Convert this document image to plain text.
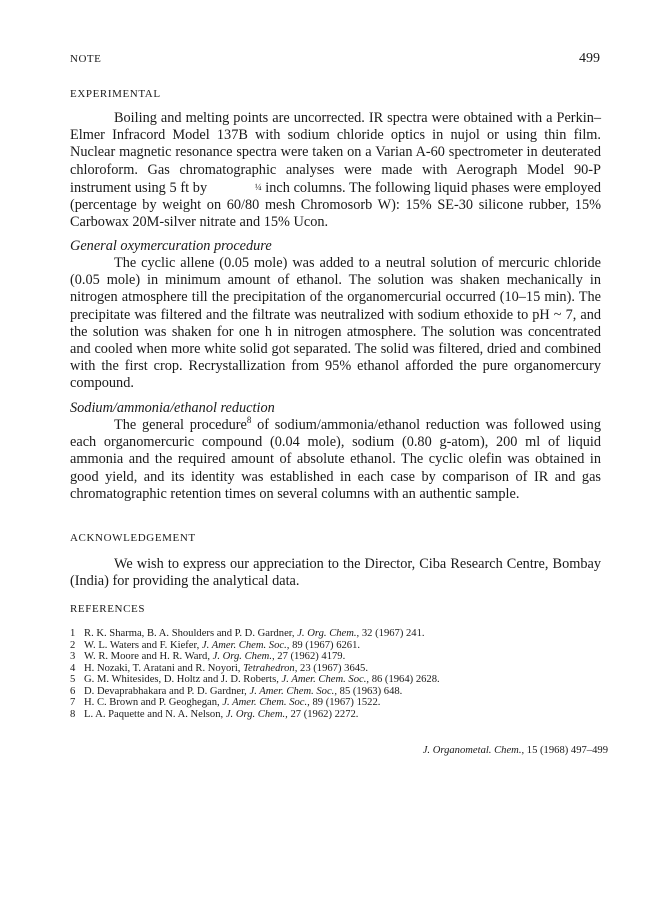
NOTE	499
EXPERIMENTAL

Boiling and melting points are uncorrected. IR spectra were obtained with a Perkin–Elmer Infracord Model 137B with sodium chloride optics in nujol or using thin film. Nuclear magnetic resonance spectra were taken on a Varian A-60 spectrometer in deuterated chloroform. Gas chromatographic analyses were made with Aerograph Model 90-P instrument using 5 ft by	¼ inch columns. The following liquid phases were employed (percentage by weight on 60/80 mesh Chromosorb W): 15% SE-30 silicone rubber, 15% Carbowax 20M-silver nitrate and 15% Ucon.

General oxymercuration procedure

The cyclic allene (0.05 mole) was added to a neutral solution of mercuric chloride (0.05 mole) in minimum amount of ethanol. The solution was shaken mechanically in nitrogen atmosphere till the precipitation of the organomercurial occurred (10–15 min). The precipitate was filtered and the filtrate was neutralized with sodium ethoxide to pH ~ 7, and the solution was shaken for one h in nitrogen atmosphere. The solution was concentrated and cooled when more white solid got separated. The solid was filtered, dried and combined with the first crop. Recrystallization from 95% ethanol afforded the pure organomercury compound.

Sodium/ammonia/ethanol reduction

The general procedure$^8$ of sodium/ammonia/ethanol reduction was followed using each organomercuric compound (0.04 mole), sodium (0.80 g-atom), 200 ml of liquid ammonia and the required amount of absolute ethanol. The cyclic olefin was obtained in good yield, and its identity was established in each case by comparison of IR and gas chromatographic retention times on several columns with an authentic sample.

ACKNOWLEDGEMENT

We wish to express our appreciation to the Director, Ciba Research Centre, Bombay (India) for providing the analytical data.

REFERENCES
1 R. K. Sharma, B. A. Shoulders and P. D. Gardner, J. Org. Chem., 32 (1967) 241.
2 W. L. Waters and F. Kiefer, J. Amer. Chem. Soc., 89 (1967) 6261.
3 W. R. Moore and H. R. Ward, J. Org. Chem., 27 (1962) 4179.
4 H. Nozaki, T. Aratani and R. Noyori, Tetrahedron, 23 (1967) 3645.
5 G. M. Whitesides, D. Holtz and J. D. Roberts, J. Amer. Chem. Soc., 86 (1964) 2628.
6 D. Devaprabhakara and P. D. Gardner, J. Amer. Chem. Soc., 85 (1963) 648.
7 H. C. Brown and P. Geoghegan, J. Amer. Chem. Soc., 89 (1967) 1522.
8 L. A. Paquette and N. A. Nelson, J. Org. Chem., 27 (1962) 2272.
J. Organometal. Chem., 15 (1968) 497–499
